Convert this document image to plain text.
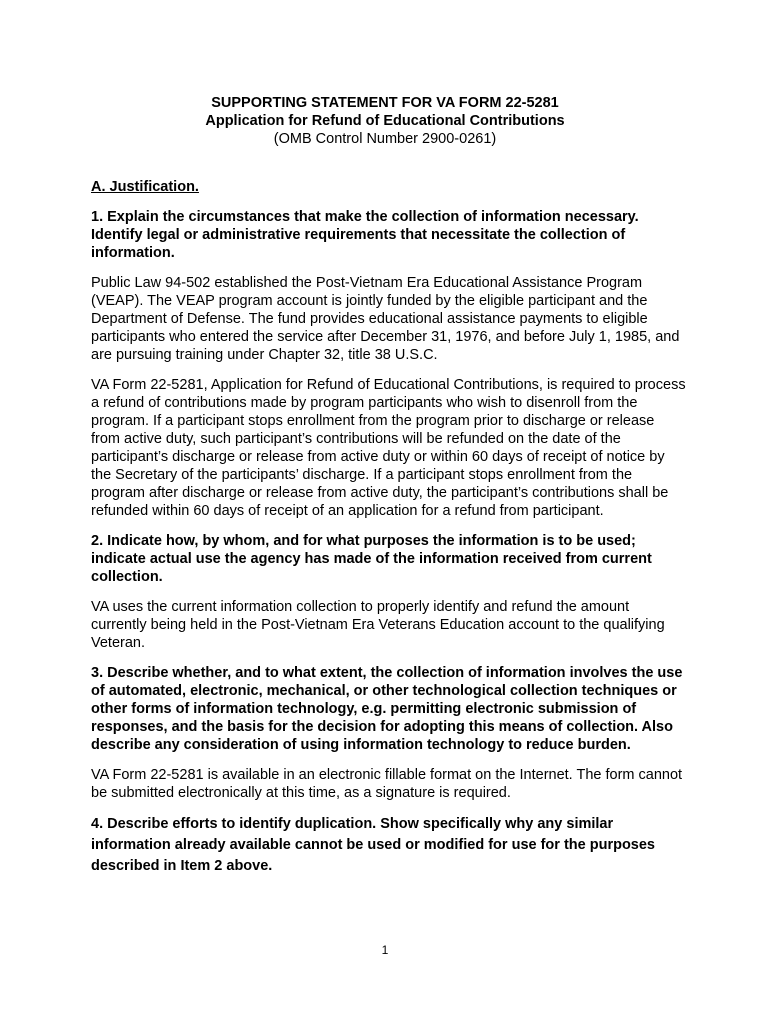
SUPPORTING STATEMENT FOR VA FORM 22-5281
Application for Refund of Educational Contributions
(OMB Control Number 2900-0261)
A. Justification.
1. Explain the circumstances that make the collection of information necessary. Identify legal or administrative requirements that necessitate the collection of information.
Public Law 94-502 established the Post-Vietnam Era Educational Assistance Program (VEAP). The VEAP program account is jointly funded by the eligible participant and the Department of Defense. The fund provides educational assistance payments to eligible participants who entered the service after December 31, 1976, and before July 1, 1985, and are pursuing training under Chapter 32, title 38 U.S.C.
VA Form 22-5281, Application for Refund of Educational Contributions, is required to process a refund of contributions made by program participants who wish to disenroll from the program. If a participant stops enrollment from the program prior to discharge or release from active duty, such participant’s contributions will be refunded on the date of the participant’s discharge or release from active duty or within 60 days of receipt of notice by the Secretary of the participants’ discharge. If a participant stops enrollment from the program after discharge or release from active duty, the participant’s contributions shall be refunded within 60 days of receipt of an application for a refund from participant.
2. Indicate how, by whom, and for what purposes the information is to be used; indicate actual use the agency has made of the information received from current collection.
VA uses the current information collection to properly identify and refund the amount currently being held in the Post-Vietnam Era Veterans Education account to the qualifying Veteran.
3. Describe whether, and to what extent, the collection of information involves the use of automated, electronic, mechanical, or other technological collection techniques or other forms of information technology, e.g. permitting electronic submission of responses, and the basis for the decision for adopting this means of collection. Also describe any consideration of using information technology to reduce burden.
VA Form 22-5281 is available in an electronic fillable format on the Internet. The form cannot be submitted electronically at this time, as a signature is required.
4. Describe efforts to identify duplication. Show specifically why any similar information already available cannot be used or modified for use for the purposes described in Item 2 above.
1
